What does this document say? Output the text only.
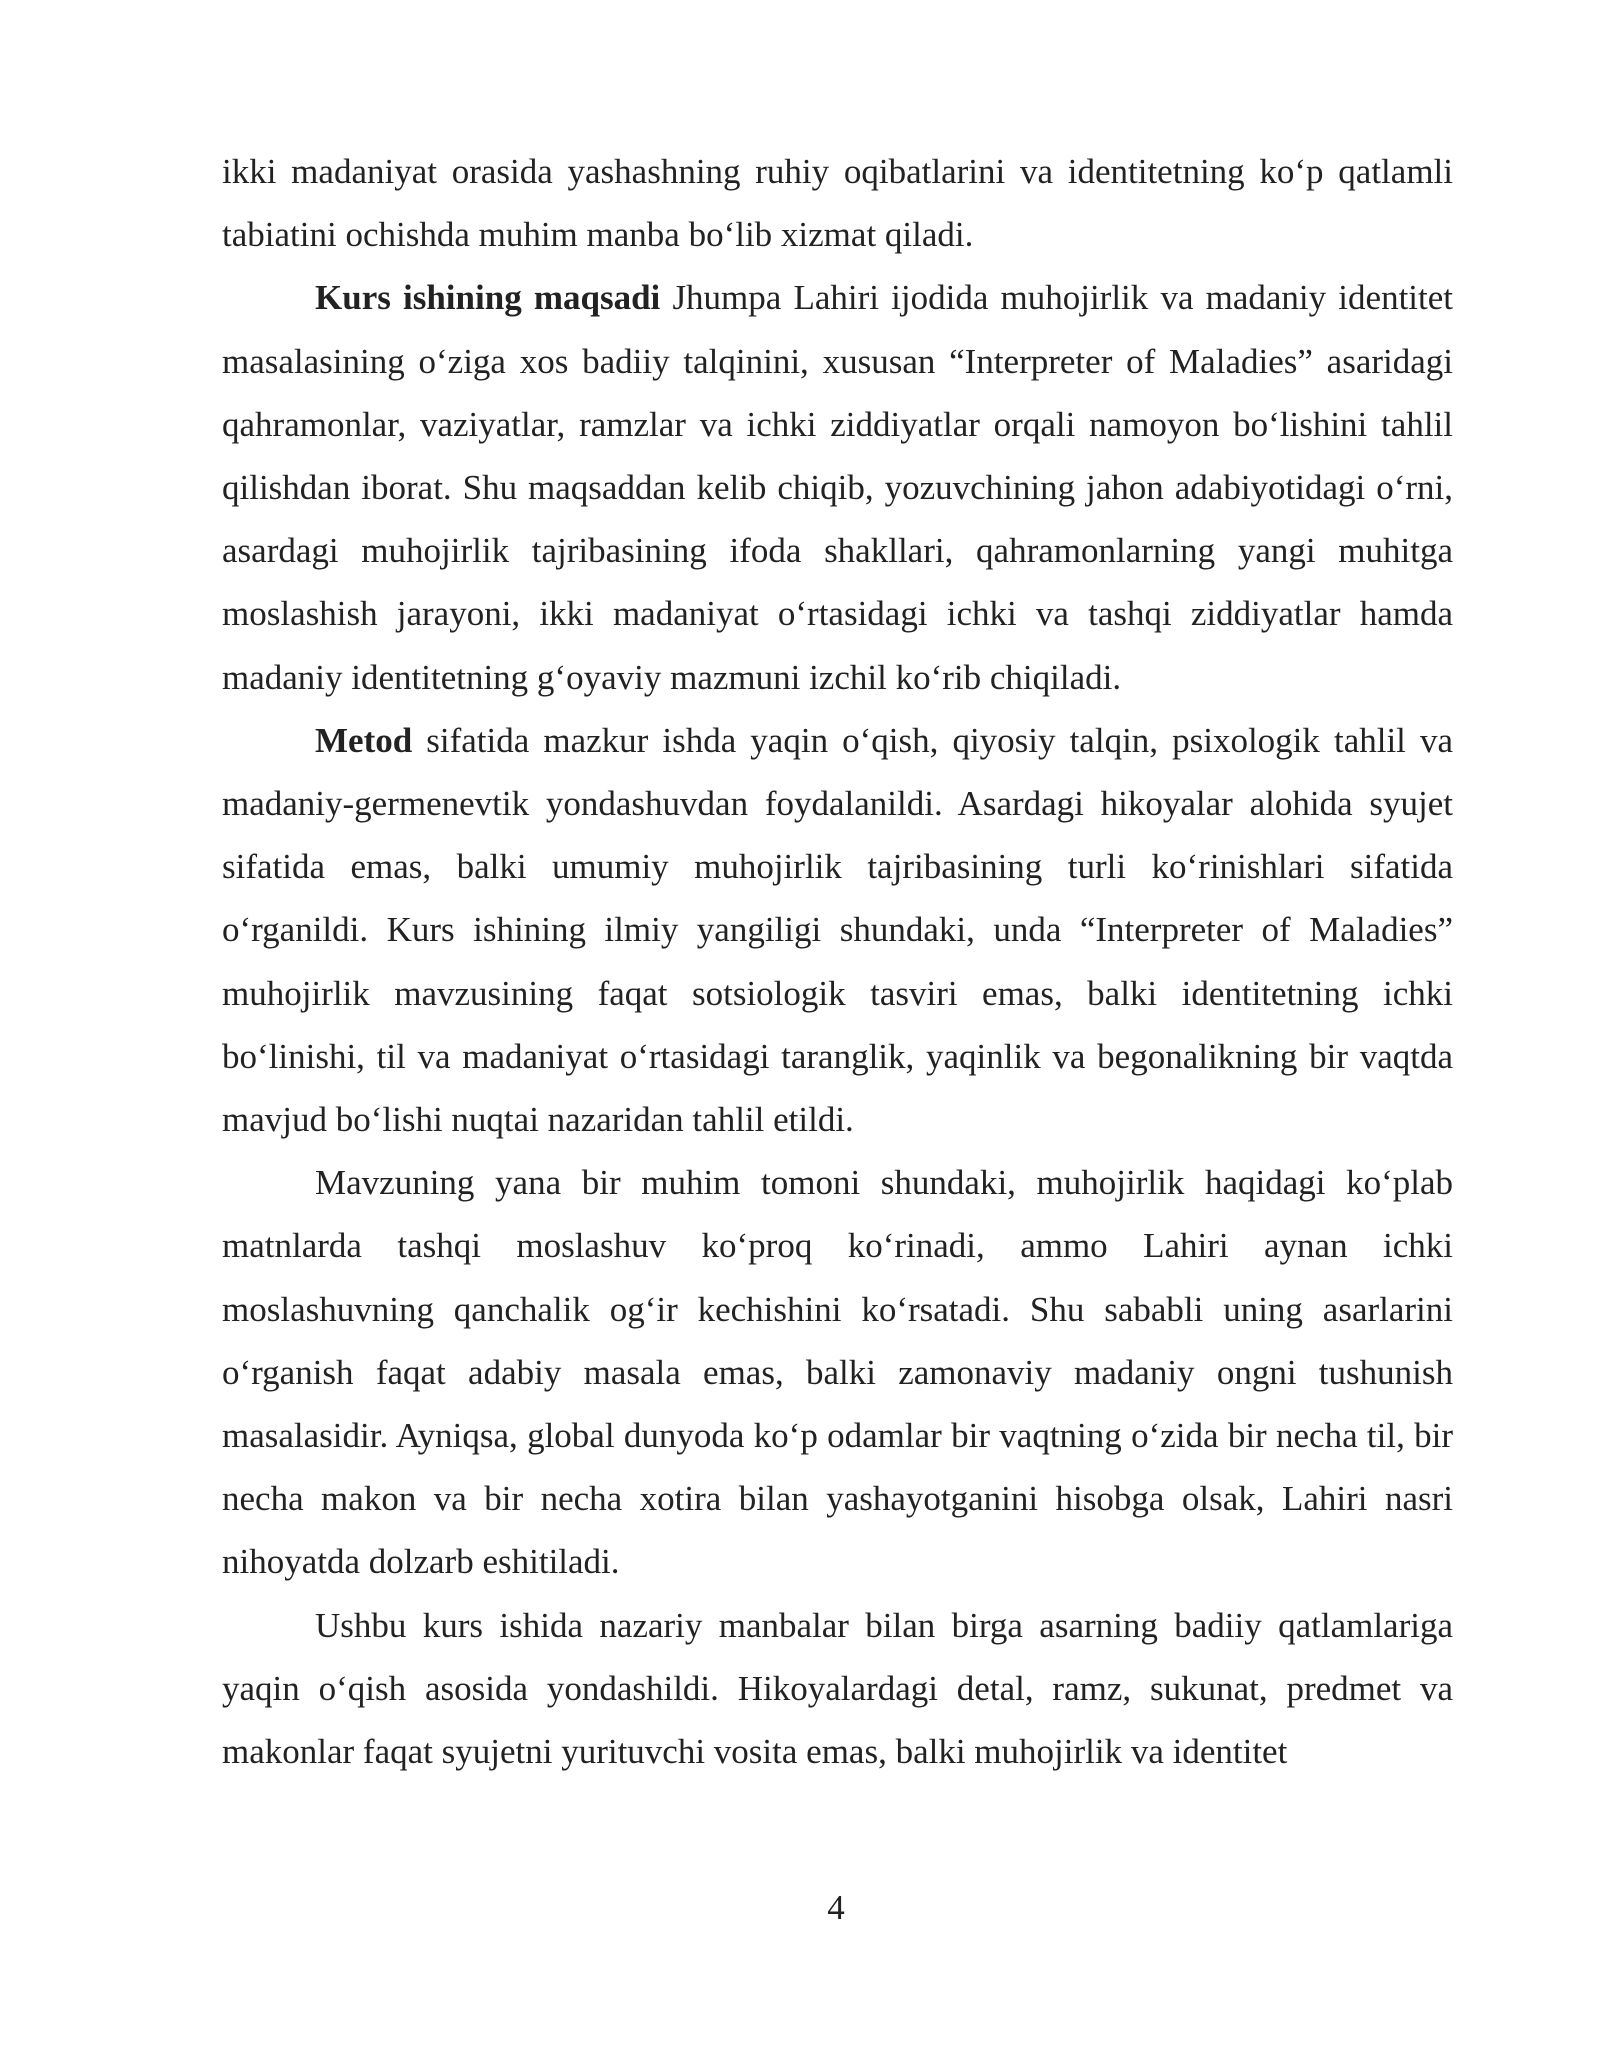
ikki madaniyat orasida yashashning ruhiy oqibatlarini va identitetning koʻp qatlamli tabiatini ochishda muhim manba boʻlib xizmat qiladi.

Kurs ishining maqsadi Jhumpa Lahiri ijodida muhojirlik va madaniy identitet masalasining oʻziga xos badiiy talqinini, xususan “Interpreter of Maladies” asaridagi qahramonlar, vaziyatlar, ramzlar va ichki ziddiyatlar orqali namoyon boʻlishini tahlil qilishdan iborat. Shu maqsaddan kelib chiqib, yozuvchining jahon adabiyotidagi oʻrni, asardagi muhojirlik tajribasining ifoda shakllari, qahramonlarning yangi muhitga moslashish jarayoni, ikki madaniyat oʻrtasidagi ichki va tashqi ziddiyatlar hamda madaniy identitetning gʻoyaviy mazmuni izchil koʻrib chiqiladi.

Metod sifatida mazkur ishda yaqin oʻqish, qiyosiy talqin, psixologik tahlil va madaniy-germenevtik yondashuvdan foydalanildi. Asardagi hikoyalar alohida syujet sifatida emas, balki umumiy muhojirlik tajribasining turli koʻrinishlari sifatida oʻrganildi. Kurs ishining ilmiy yangiligi shundaki, unda “Interpreter of Maladies” muhojirlik mavzusining faqat sotsiologik tasviri emas, balki identitetning ichki boʻlinishi, til va madaniyat oʻrtasidagi taranglik, yaqinlik va begonalikning bir vaqtda mavjud boʻlishi nuqtai nazaridan tahlil etildi.

Mavzuning yana bir muhim tomoni shundaki, muhojirlik haqidagi koʻplab matnlarda tashqi moslashuv koʻproq koʻrinadi, ammo Lahiri aynan ichki moslashuvning qanchalik ogʻir kechishini koʻrsatadi. Shu sababli uning asarlarini oʻrganish faqat adabiy masala emas, balki zamonaviy madaniy ongni tushunish masalasidir. Ayniqsa, global dunyoda koʻp odamlar bir vaqtning oʻzida bir necha til, bir necha makon va bir necha xotira bilan yashayotganini hisobga olsak, Lahiri nasri nihoyatda dolzarb eshitiladi.

Ushbu kurs ishida nazariy manbalar bilan birga asarning badiiy qatlamlariga yaqin oʻqish asosida yondashildi. Hikoyalardagi detal, ramz, sukunat, predmet va makonlar faqat syujetni yurituvchi vosita emas, balki muhojirlik va identitet

4
